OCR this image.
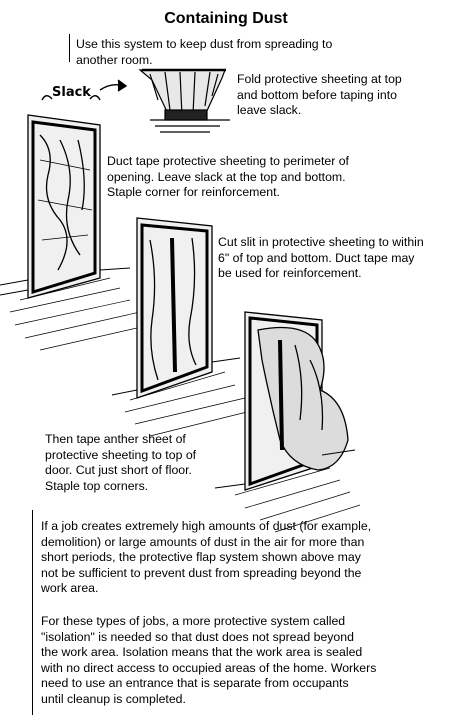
Containing Dust
Use this system to keep dust from spreading to
another room.
Slack
Fold protective sheeting at top
and bottom before taping into
leave slack.
Duct tape protective sheeting to perimeter of
opening. Leave slack at the top and bottom.
Staple corner for reinforcement.
Cut slit in protective sheeting to within
6" of top and bottom. Duct tape may
be used for reinforcement.
Then tape anther sheet of
protective sheeting to top of
door. Cut just short of floor.
Staple top corners.
If a job creates extremely high amounts of dust (for example,
demolition) or large amounts of dust in the air for more than
short periods, the protective flap system shown above may
not be sufficient to prevent dust from spreading beyond the
work area.
For these types of jobs, a more protective system called
"isolation" is needed so that dust does not spread beyond
the work area. Isolation means that the work area is sealed
with no direct access to occupied areas of the home. Workers
need to use an entrance that is separate from occupants
until cleanup is completed.
